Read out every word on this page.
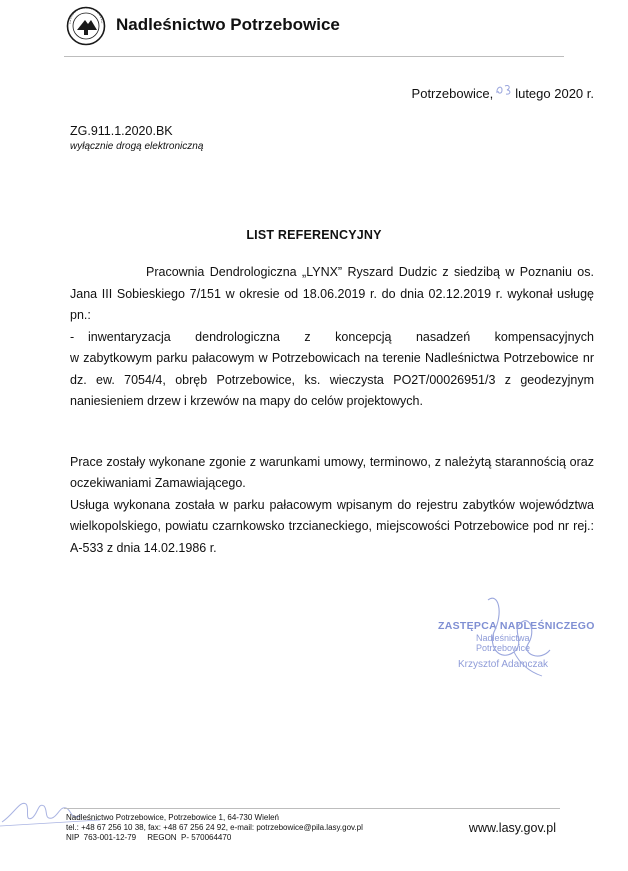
Nadleśnictwo Potrzebowice
Potrzebowice, lutego 2020 r.
ZG.911.1.2020.BK
wyłącznie drogą elektroniczną
LIST REFERENCYJNY

Pracownia Dendrologiczna „LYNX” Ryszard Dudzic z siedzibą w Poznaniu os. Jana III Sobieskiego 7/151 w okresie od 18.06.2019 r. do dnia 02.12.2019 r. wykonał usługę pn.:

-	inwentaryzacja dendrologiczna z koncepcją nasadzeń kompensacyjnych

w zabytkowym parku pałacowym w Potrzebowicach na terenie Nadleśnictwa Potrzebowice nr dz. ew. 7054/4, obręb Potrzebowice, ks. wieczysta PO2T/00026951/3 z geodezyjnym naniesieniem drzew i krzewów na mapy do celów projektowych.

Prace zostały wykonane zgonie z warunkami umowy, terminowo, z należytą starannością oraz oczekiwaniami Zamawiającego.

Usługa wykonana została w parku pałacowym wpisanym do rejestru zabytków województwa wielkopolskiego, powiatu czarnkowsko trzcianeckiego, miejscowości Potrzebowice pod nr rej.: A-533 z dnia 14.02.1986 r.

ZASTĘPCA NADLEŚNICZEGO
Nadleśnictwa
Potrzebowice
Krzysztof Adamczak
Nadleśnictwo Potrzebowice, Potrzebowice 1, 64-730 Wieleń
tel.: +48 67 256 10 38, fax: +48 67 256 24 92, e-mail: potrzebowice@pila.lasy.gov.pl
NIP  763-001-12-79     REGON  P- 570064470
www.lasy.gov.pl
